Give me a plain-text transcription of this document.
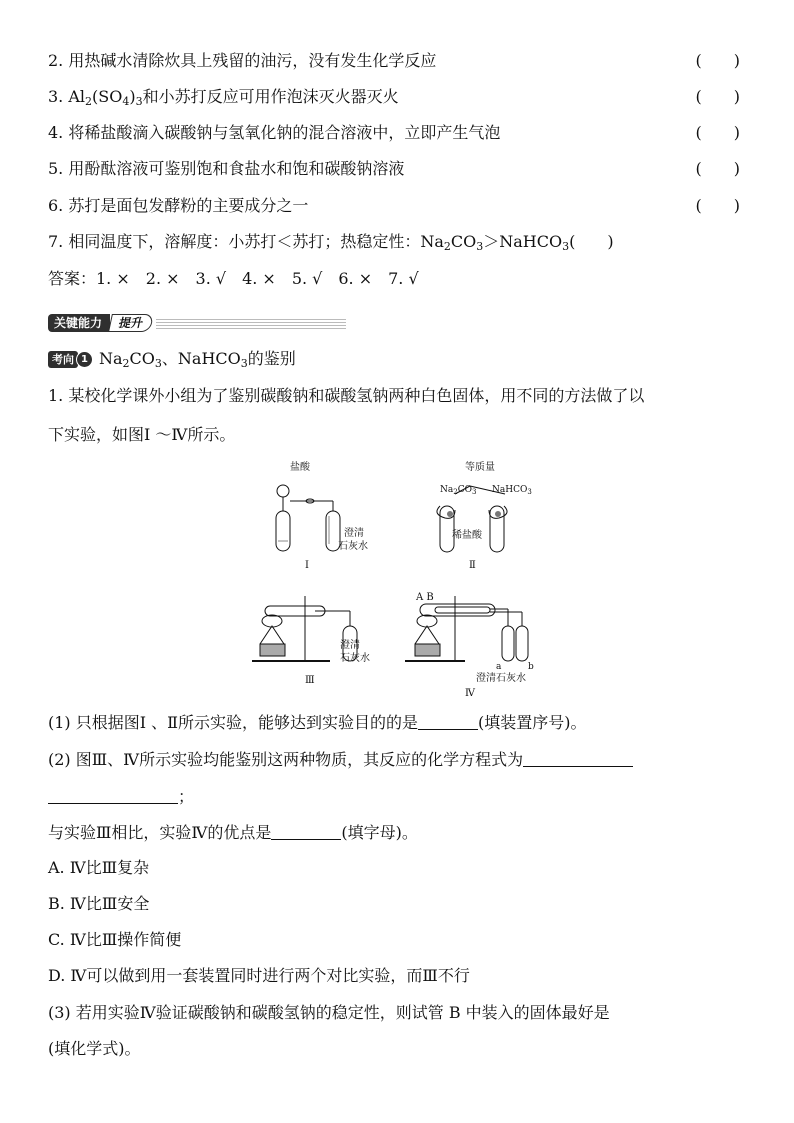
2. 用热碱水清除炊具上残留的油污，没有发生化学反应	(　　)
3. $Al_2(SO_4)_3$和小苏打反应可用作泡沫灭火器灭火	(　　)
4. 将稀盐酸滴入碳酸钠与氢氧化钠的混合溶液中，立即产生气泡	(　　)
5. 用酚酞溶液可鉴别饱和食盐水和饱和碳酸钠溶液	(　　)
6. 苏打是面包发酵粉的主要成分之一	(　　)
7. 相同温度下，溶解度：小苏打＜苏打；热稳定性：$Na_2CO_3>NaHCO_3$(　　)
答案：1. ×　2. ×　3. √　4. ×　5. √　6. ×　7. √
关键能力	提升
考向 1 $Na_2CO_3$、NaHCO$_3$的鉴别
1. 某校化学课外小组为了鉴别碳酸钠和碳酸氢钠两种白色固体，用不同的方法做了以
下实验，如图Ⅰ ～Ⅳ所示。
盐酸
澄清
石灰水
Ⅰ
等质量
$Na_2CO_3$ NaHCO$_3$
稀盐酸
Ⅱ
澄清
石灰水
Ⅲ
A B
a	b
澄清石灰水
Ⅳ
(1) 只根据图Ⅰ 、Ⅱ所示实验，能够达到实验目的的是	(填装置序号)。
(2) 图Ⅲ、Ⅳ所示实验均能鉴别这两种物质，其反应的化学方程式为
；
与实验Ⅲ相比，实验Ⅳ的优点是	(填字母)。
A. Ⅳ比Ⅲ复杂
B. Ⅳ比Ⅲ安全
C. Ⅳ比Ⅲ操作简便
D. Ⅳ可以做到用一套装置同时进行两个对比实验，而Ⅲ不行
(3) 若用实验Ⅳ验证碳酸钠和碳酸氢钠的稳定性，则试管 B 中装入的固体最好是
(填化学式)。
